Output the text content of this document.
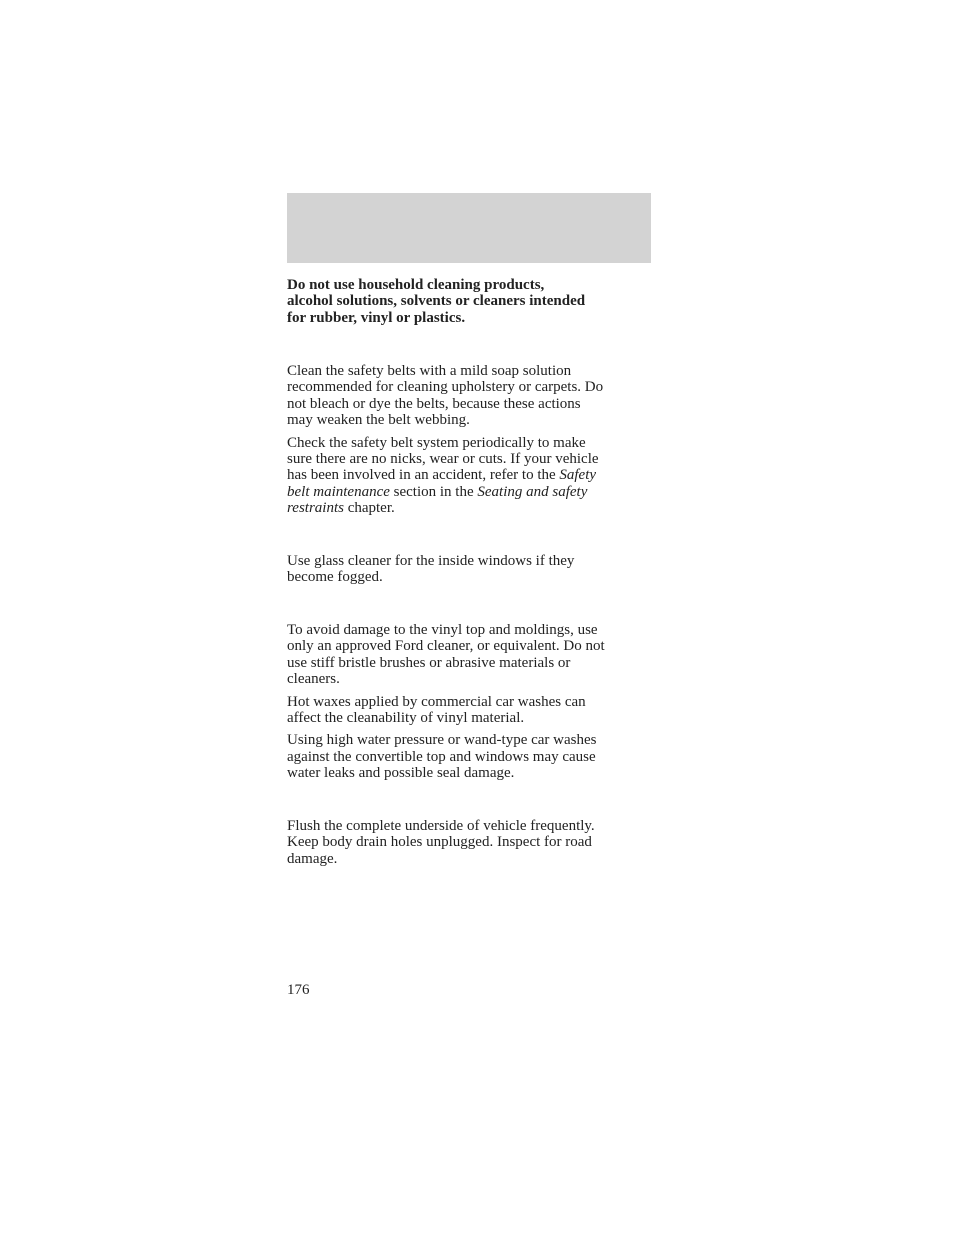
Do not use household cleaning products,
alcohol solutions, solvents or cleaners intended
for rubber, vinyl or plastics.

Clean the safety belts with a mild soap solution
recommended for cleaning upholstery or carpets. Do
not bleach or dye the belts, because these actions
may weaken the belt webbing.

Check the safety belt system periodically to make
sure there are no nicks, wear or cuts. If your vehicle
has been involved in an accident, refer to the Safety
belt maintenance section in the Seating and safety
restraints chapter.

Use glass cleaner for the inside windows if they
become fogged.

To avoid damage to the vinyl top and moldings, use
only an approved Ford cleaner, or equivalent. Do not
use stiff bristle brushes or abrasive materials or
cleaners.

Hot waxes applied by commercial car washes can
affect the cleanability of vinyl material.

Using high water pressure or wand-type car washes
against the convertible top and windows may cause
water leaks and possible seal damage.

Flush the complete underside of vehicle frequently.
Keep body drain holes unplugged. Inspect for road
damage.

176
